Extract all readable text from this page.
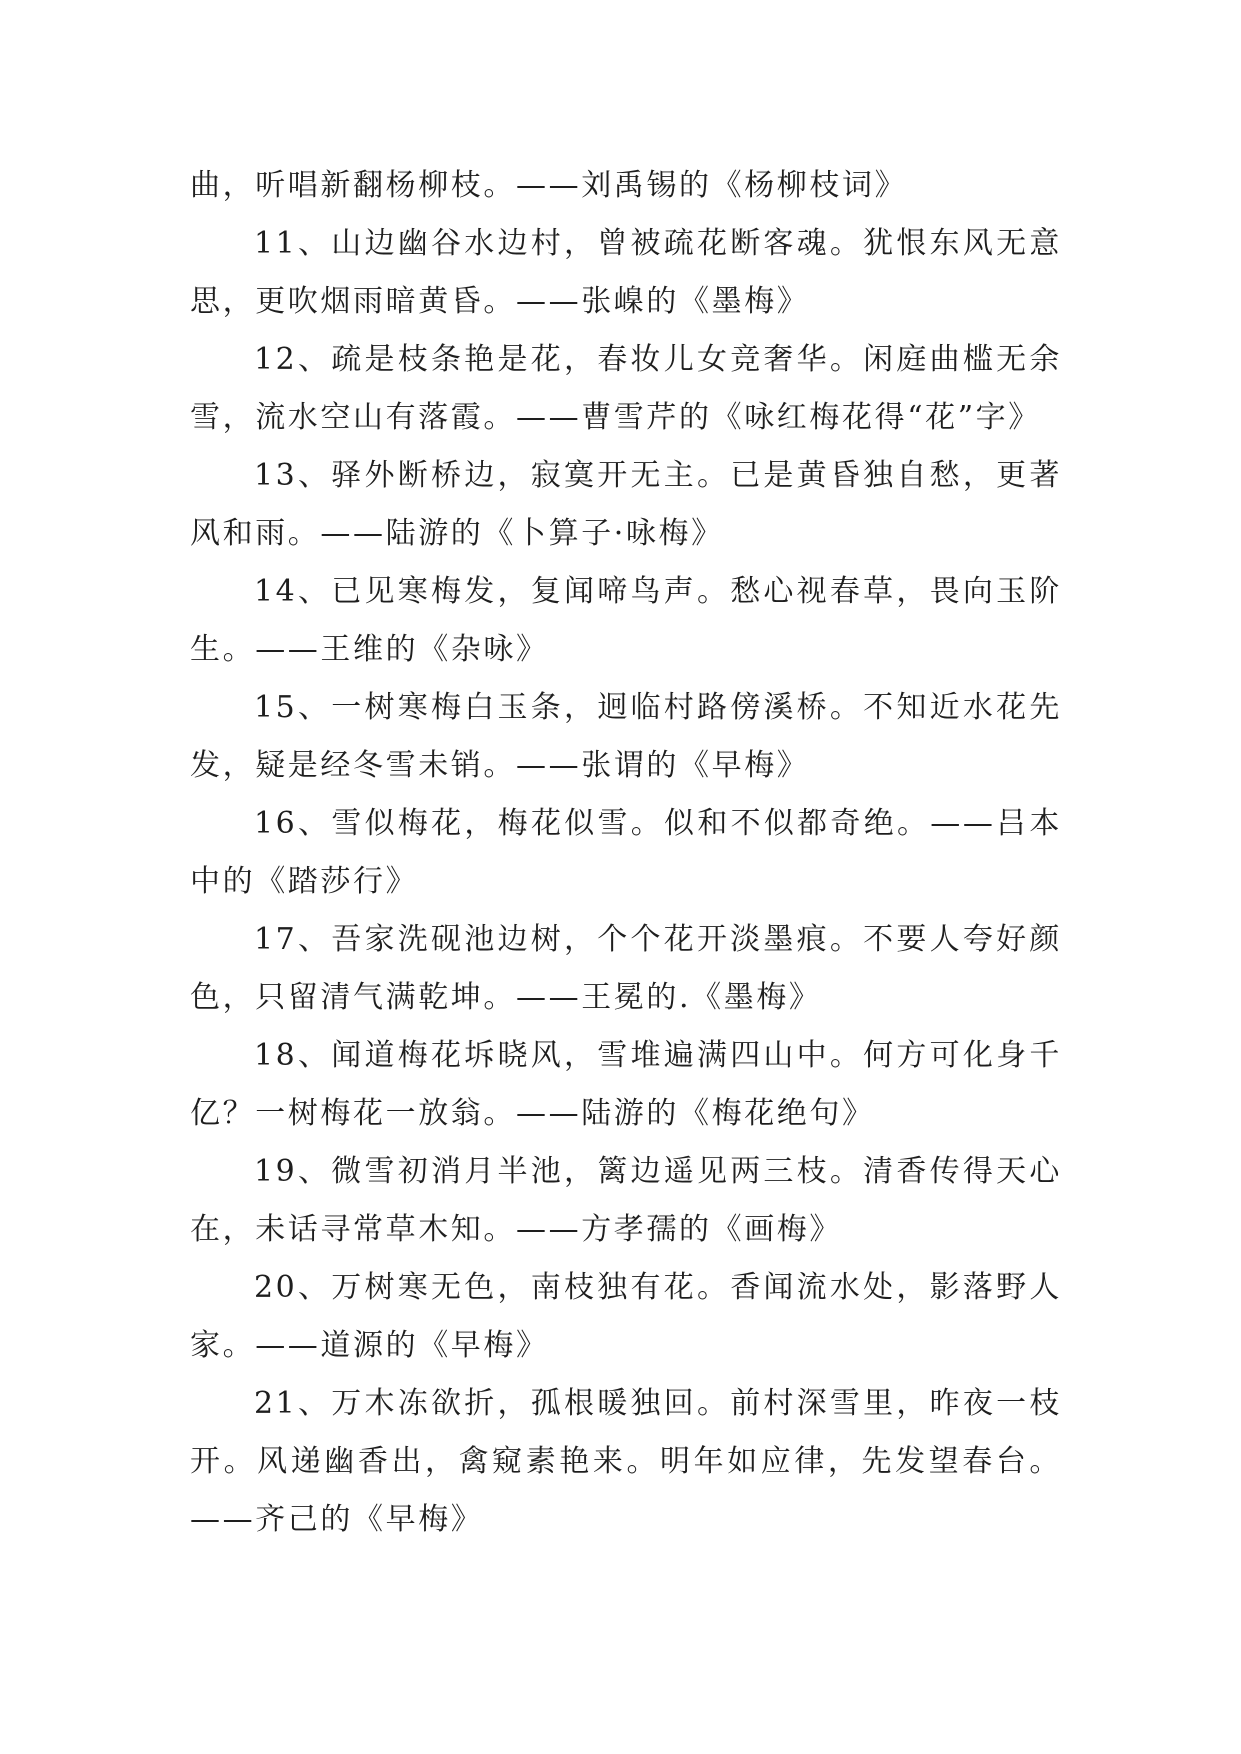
曲，听唱新翻杨柳枝。——刘禹锡的《杨柳枝词》

11、山边幽谷水边村，曾被疏花断客魂。犹恨东风无意思，更吹烟雨暗黄昏。——张嵲的《墨梅》

12、疏是枝条艳是花，春妆儿女竞奢华。闲庭曲槛无余雪，流水空山有落霞。——曹雪芹的《咏红梅花得“花”字》

13、驿外断桥边，寂寞开无主。已是黄昏独自愁，更著风和雨。——陆游的《卜算子·咏梅》

14、已见寒梅发，复闻啼鸟声。愁心视春草，畏向玉阶生。——王维的《杂咏》

15、一树寒梅白玉条，迥临村路傍溪桥。不知近水花先发，疑是经冬雪未销。——张谓的《早梅》

16、雪似梅花，梅花似雪。似和不似都奇绝。——吕本中的《踏莎行》

17、吾家洗砚池边树，个个花开淡墨痕。不要人夸好颜色，只留清气满乾坤。——王冕的.《墨梅》

18、闻道梅花坼晓风，雪堆遍满四山中。何方可化身千亿？一树梅花一放翁。——陆游的《梅花绝句》

19、微雪初消月半池，篱边遥见两三枝。清香传得天心在，未话寻常草木知。——方孝孺的《画梅》

20、万树寒无色，南枝独有花。香闻流水处，影落野人家。——道源的《早梅》

21、万木冻欲折，孤根暖独回。前村深雪里，昨夜一枝开。风递幽香出，禽窥素艳来。明年如应律，先发望春台。——齐己的《早梅》
